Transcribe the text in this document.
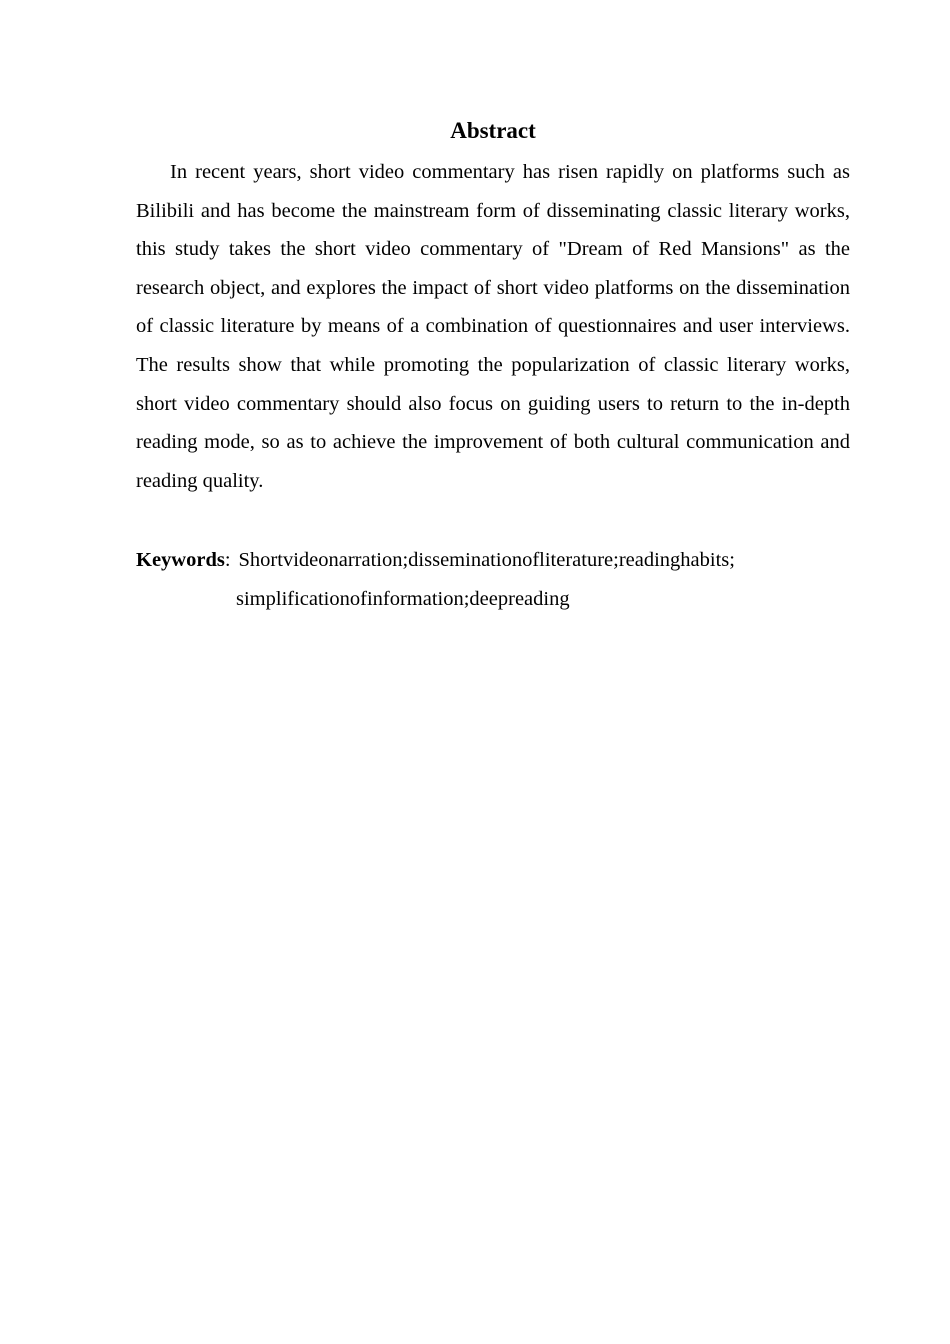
Abstract

In recent years, short video commentary has risen rapidly on platforms such as Bilibili and has become the mainstream form of disseminating classic literary works, this study takes the short video commentary of "Dream of Red Mansions" as the research object, and explores the impact of short video platforms on the dissemination of classic literature by means of a combination of questionnaires and user interviews. The results show that while promoting the popularization of classic literary works, short video commentary should also focus on guiding users to return to the in-depth reading mode, so as to achieve the improvement of both cultural communication and reading quality.

Keywords: Shortvideonarration;disseminationofliterature;readinghabits;
simplificationofinformation;deepreading
